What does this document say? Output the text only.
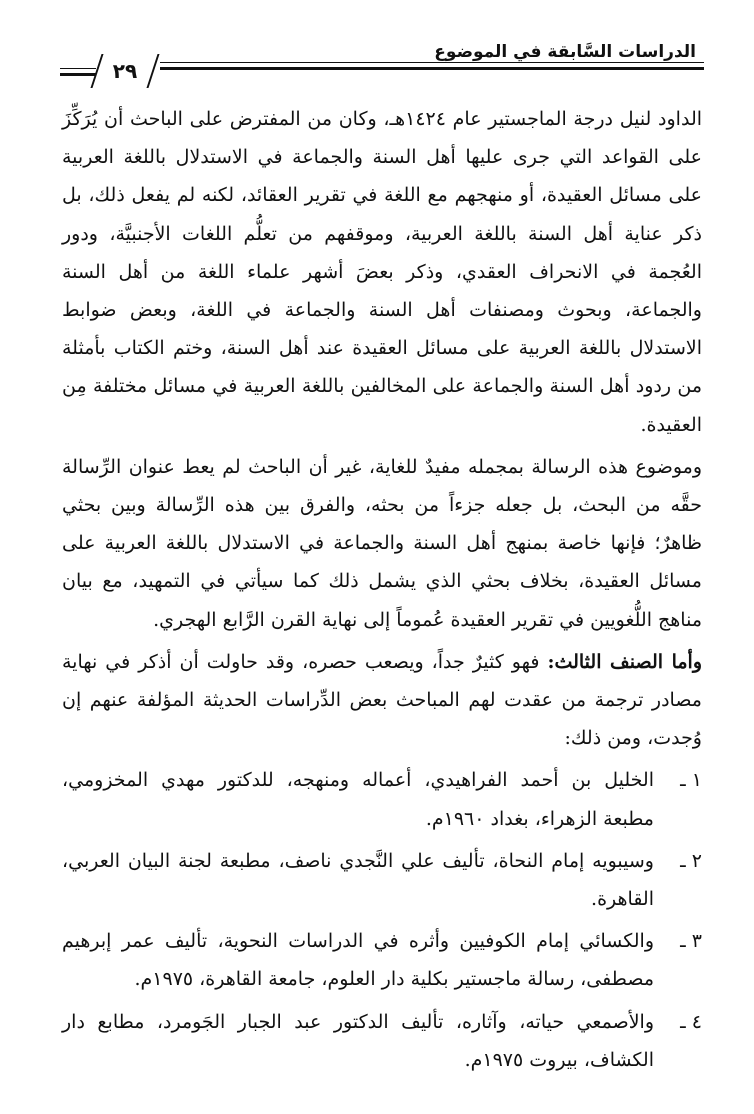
الدراسات السَّابقة في الموضوع
٢٩

الداود لنيل درجة الماجستير عام ١٤٢٤هـ، وكان من المفترض على الباحث أن يُرَكِّزَ على القواعد التي جرى عليها أهل السنة والجماعة في الاستدلال باللغة العربية على مسائل العقيدة، أو منهجهم مع اللغة في تقرير العقائد، لكنه لم يفعل ذلك، بل ذكر عناية أهل السنة باللغة العربية، وموقفهم من تعلُّم اللغات الأجنبيَّة، ودور العُجمة في الانحراف العقدي، وذكر بعضَ أشهر علماء اللغة من أهل السنة والجماعة، وبحوث ومصنفات أهل السنة والجماعة في اللغة، وبعض ضوابط الاستدلال باللغة العربية على مسائل العقيدة عند أهل السنة، وختم الكتاب بأمثلة من ردود أهل السنة والجماعة على المخالفين باللغة العربية في مسائل مختلفة مِن العقيدة.

وموضوع هذه الرسالة بمجمله مفيدٌ للغاية، غير أن الباحث لم يعط عنوان الرِّسالة حقَّه من البحث، بل جعله جزءاً من بحثه، والفرق بين هذه الرِّسالة وبين بحثي ظاهرٌ؛ فإنها خاصة بمنهج أهل السنة والجماعة في الاستدلال باللغة العربية على مسائل العقيدة، بخلاف بحثي الذي يشمل ذلك كما سيأتي في التمهيد، مع بيان مناهج اللُّغويين في تقرير العقيدة عُموماً إلى نهاية القرن الرَّابع الهجري.

وأما الصنف الثالث: فهو كثيرٌ جداً، ويصعب حصره، وقد حاولت أن أذكر في نهاية مصادر ترجمة من عقدت لهم المباحث بعض الدِّراسات الحديثة المؤلفة عنهم إن وُجدت، ومن ذلك:

١ ـ
الخليل بن أحمد الفراهيدي، أعماله ومنهجه، للدكتور مهدي المخزومي، مطبعة الزهراء، بغداد ١٩٦٠م.
٢ ـ
وسيبويه إمام النحاة، تأليف علي النَّجدي ناصف، مطبعة لجنة البيان العربي، القاهرة.
٣ ـ
والكسائي إمام الكوفيين وأثره في الدراسات النحوية، تأليف عمر إبرهيم مصطفى، رسالة ماجستير بكلية دار العلوم، جامعة القاهرة، ١٩٧٥م.
٤ ـ
والأصمعي حياته، وآثاره، تأليف الدكتور عبد الجبار الجَومرد، مطابع دار الكشاف، بيروت ١٩٧٥م.
